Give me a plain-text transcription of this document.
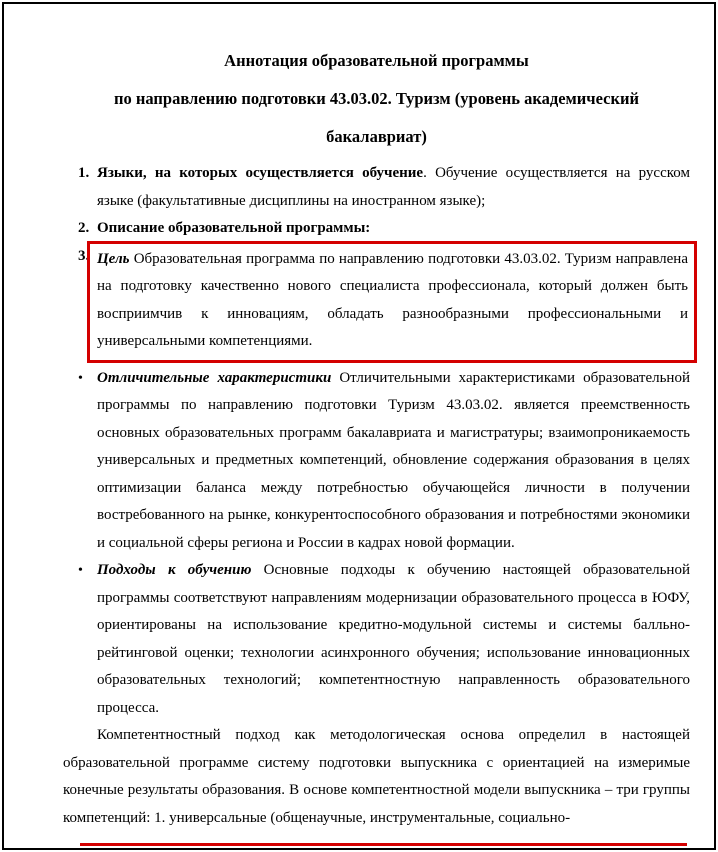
Аннотация образовательной программы
по направлению подготовки 43.03.02. Туризм (уровень академический
бакалавриат)
1. Языки, на которых осуществляется обучение. Обучение осуществляется на русском языке (факультативные дисциплины на иностранном языке);
2. Описание образовательной программы:
3. Цель Образовательная программа по направлению подготовки 43.03.02. Туризм направлена на подготовку качественно нового специалиста профессионала, который должен быть восприимчив к инновациям, обладать разнообразными профессиональными и универсальными компетенциями.
• Отличительные характеристики Отличительными характеристиками образовательной программы по направлению подготовки Туризм 43.03.02. является преемственность основных образовательных программ бакалавриата и магистратуры; взаимопроникаемость универсальных и предметных компетенций, обновление содержания образования в целях оптимизации баланса между потребностью обучающейся личности в получении востребованного на рынке, конкурентоспособного образования и потребностями экономики и социальной сферы региона и России в кадрах новой формации.
• Подходы к обучению Основные подходы к обучению настоящей образовательной программы соответствуют направлениям модернизации образовательного процесса в ЮФУ, ориентированы на использование кредитно-модульной системы и системы балльно-рейтинговой оценки; технологии асинхронного обучения; использование инновационных образовательных технологий; компетентностную направленность образовательного процесса.

Компетентностный подход как методологическая основа определил в настоящей образовательной программе систему подготовки выпускника с ориентацией на измеримые конечные результаты образования. В основе компетентностной модели выпускника – три группы компетенций: 1. универсальные (общенаучные, инструментальные, социально-
